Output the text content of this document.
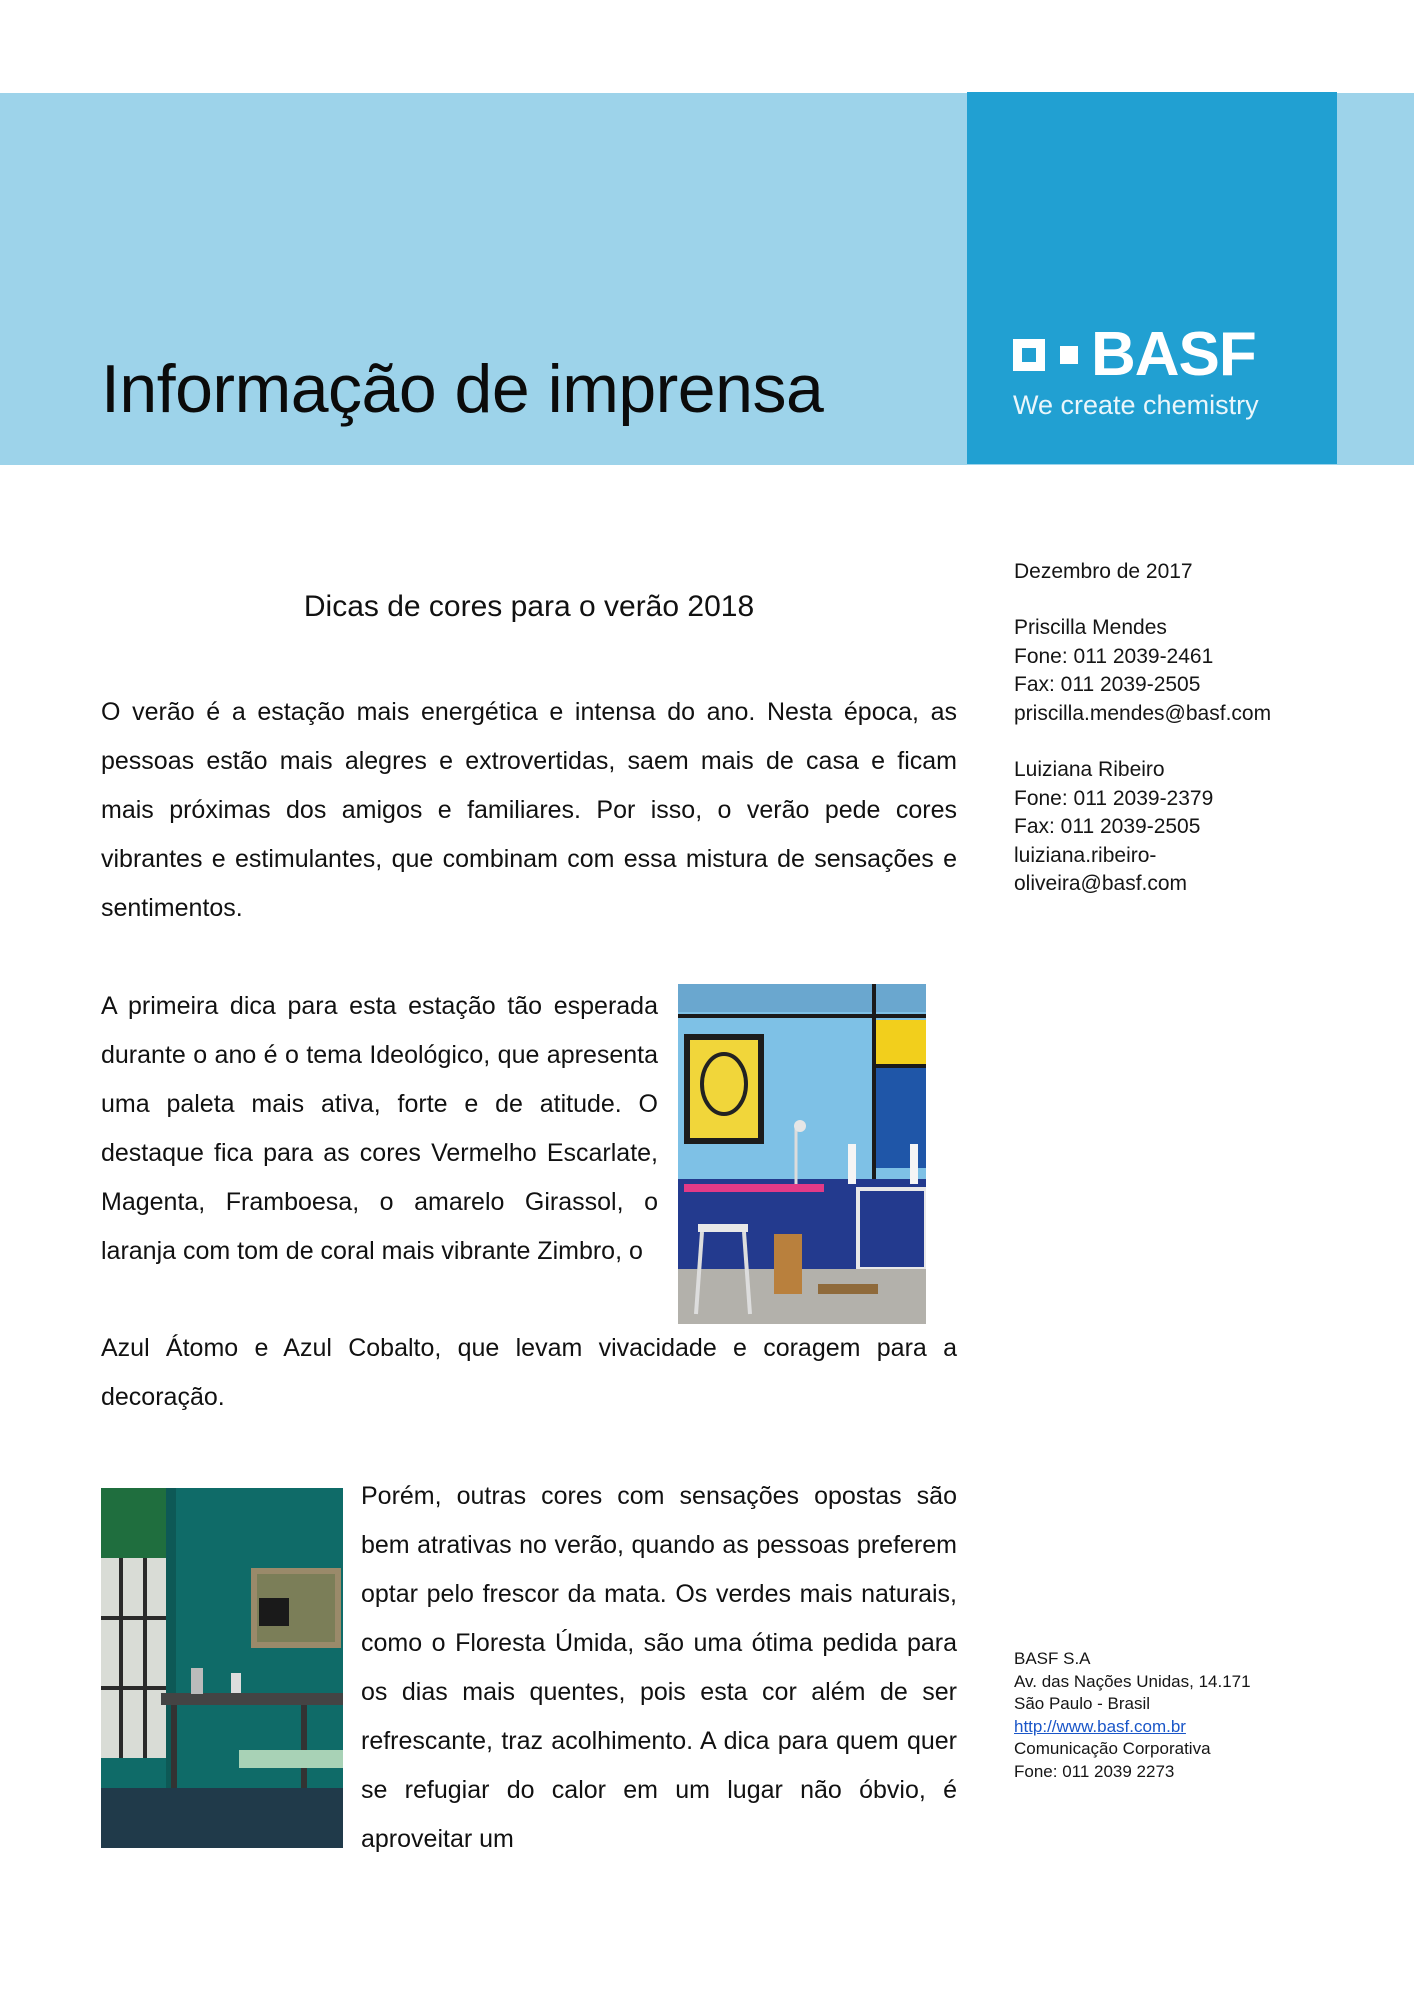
Informação de imprensa	BASF
We create chemistry
Dicas de cores para o verão 2018

O verão é a estação mais energética e intensa do ano. Nesta época, as pessoas estão mais alegres e extrovertidas, saem mais de casa e ficam mais próximas dos amigos e familiares. Por isso, o verão pede cores vibrantes e estimulantes, que combinam com essa mistura de sensações e sentimentos.

A primeira dica para esta estação tão esperada durante o ano é o tema Ideológico, que apresenta uma paleta mais ativa, forte e de atitude. O destaque fica para as cores Vermelho Escarlate, Magenta, Framboesa, o amarelo Girassol, o laranja com tom de coral mais vibrante Zimbro, o

Azul Átomo e Azul Cobalto, que levam vivacidade e coragem para a decoração.

Porém, outras cores com sensações opostas são bem atrativas no verão, quando as pessoas preferem optar pelo frescor da mata. Os verdes mais naturais, como o Floresta Úmida, são uma ótima pedida para os dias mais quentes, pois esta cor além de ser refrescante, traz acolhimento. A dica para quem quer se refugiar do calor em um lugar não óbvio, é aproveitar um

Dezembro de 2017
Priscilla Mendes
Fone: 011 2039-2461
Fax: 011 2039-2505
priscilla.mendes@basf.com
Luiziana Ribeiro
Fone: 011 2039-2379
Fax: 011 2039-2505
luiziana.ribeiro-
oliveira@basf.com
BASF S.A
Av. das Nações Unidas, 14.171
São Paulo - Brasil
http://www.basf.com.br
Comunicação Corporativa
Fone: 011 2039 2273
